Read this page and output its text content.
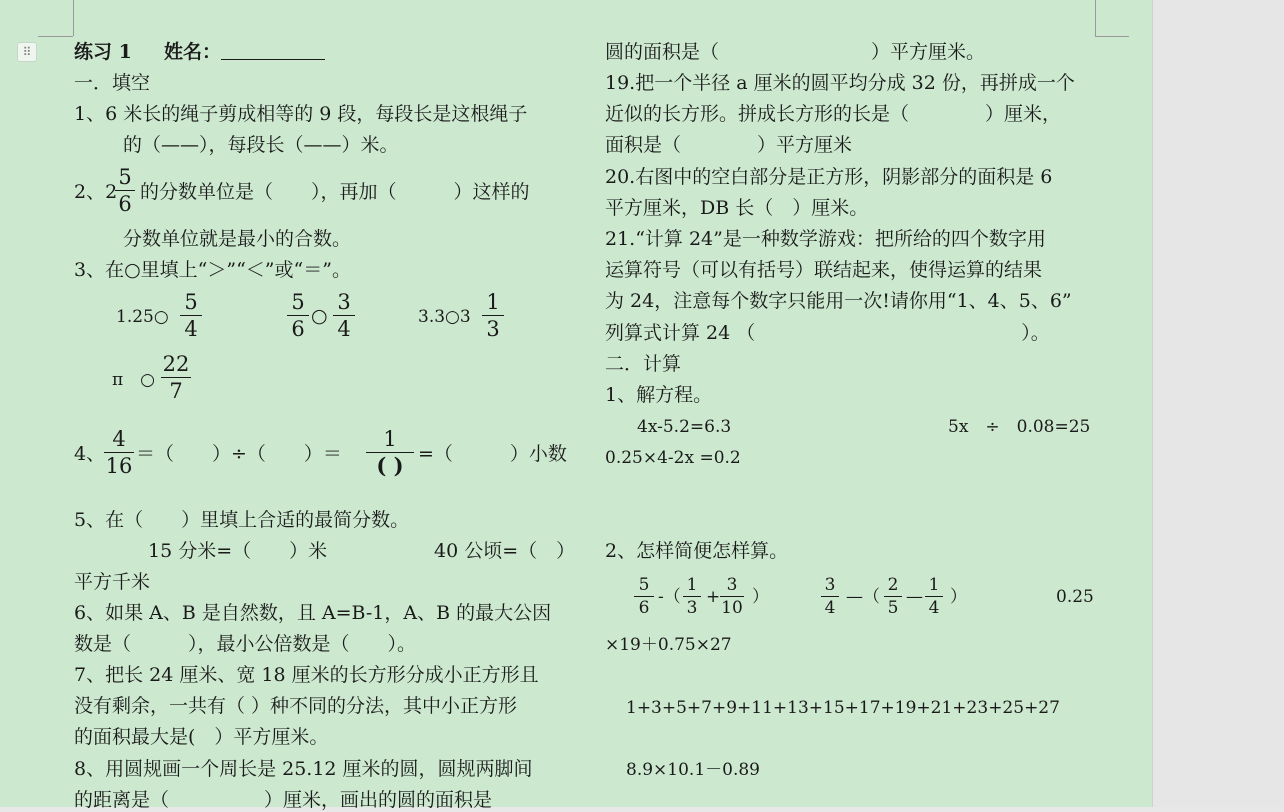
⠿ 练习 1 姓名：
一．填空
1、6 米长的绳子剪成相等的 9 段，每段长是这根绳子
的（——），每段长（——）米。
2、2
5
6 的分数单位是（　　），再加（　　　）这样的
分数单位就是最小的合数。
3、在○里填上“＞”“＜”或“＝”。
1.25○
5
4
5
6
○
3
4	3.3○3
1
3
π　○
22
7
4、
4
16 ＝（　　）÷（　　）＝
1
( ) =（　　　）小数
5、在（　　）里填上合适的最简分数。
15 分米=（　　）米	40 公顷=（　）
平方千米
6、如果 A、B 是自然数，且 A=B-1，A、B 的最大公因
数是（　　　），最小公倍数是（　　）。
7、把长 24 厘米、宽 18 厘米的长方形分成小正方形且
没有剩余，一共有（ ）种不同的分法，其中小正方形
的面积最大是(　）平方厘米。
8、用圆规画一个周长是 25.12 厘米的圆，圆规两脚间
的距离是（　　　　　）厘米，画出的圆的面积是
圆的面积是（　　　　　　　　）平方厘米。
19.把一个半径 a 厘米的圆平均分成 32 份，再拼成一个
近似的长方形。拼成长方形的长是（　　　　）厘米，
面积是（　　　　）平方厘米
20.右图中的空白部分是正方形，阴影部分的面积是 6
平方厘米，DB 长（　）厘米。
21.“计算 24”是一种数学游戏：把所给的四个数字用
运算符号（可以有括号）联结起来，使得运算的结果
为 24，注意每个数字只能用一次!请你用“1、4、5、6”
列算式计算 24 （　　　　　　　　　　　　　　）。
二．计算
1、解方程。
4x-5.2=6.3	5x　÷　0.08=25
0.25×4-2x =0.2
2、怎样简便怎样算。
5
6
-（
1
3
+
3
10
）
3
4
—（
2
5
—
1
4
）	0.25
×19＋0.75×27
1+3+5+7+9+11+13+15+17+19+21+23+25+27
8.9×10.1－0.89
